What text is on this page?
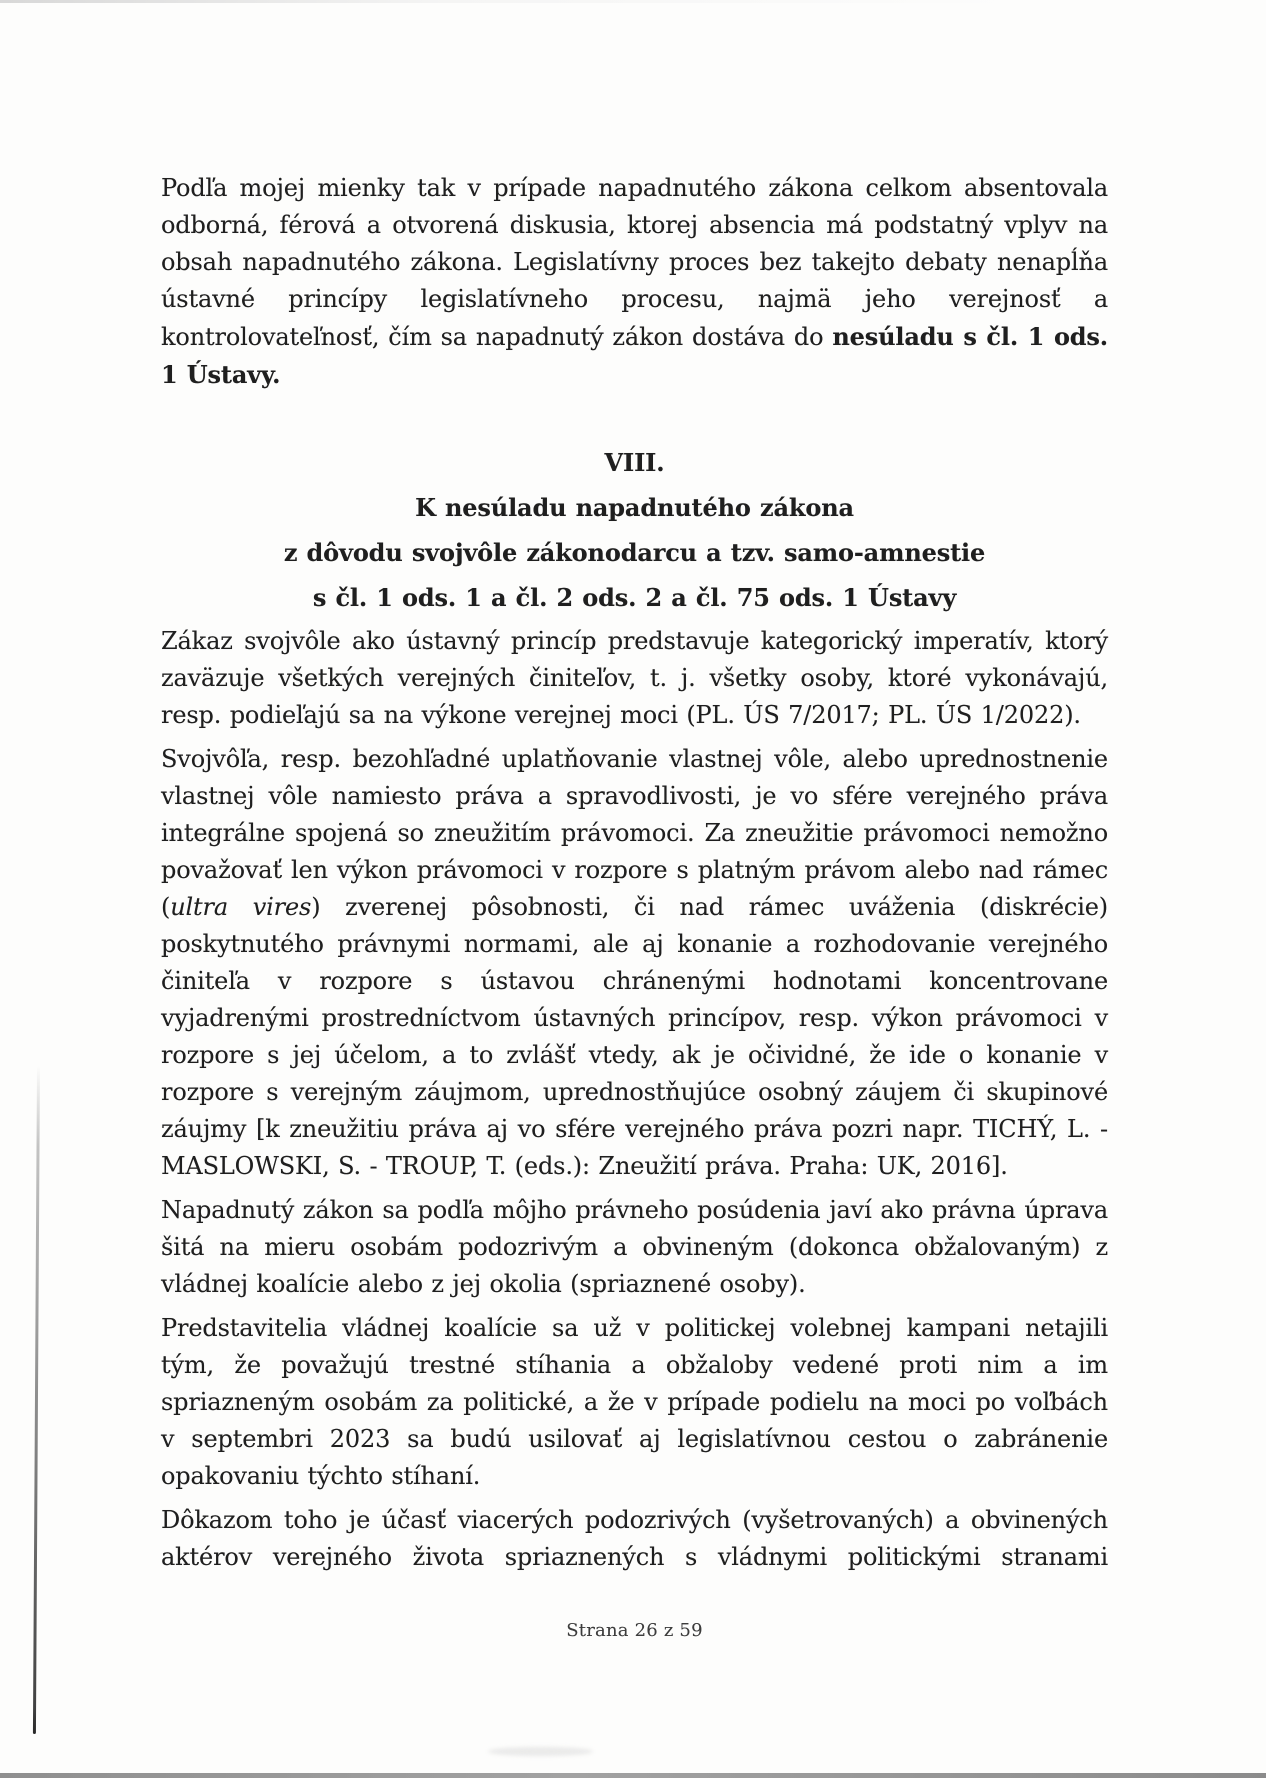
Podľa mojej mienky tak v prípade napadnutého zákona celkom absentovala odborná, férová a otvorená diskusia, ktorej absencia má podstatný vplyv na obsah napadnutého zákona. Legislatívny proces bez takejto debaty nenapĺňa ústavné princípy legislatívneho procesu, najmä jeho verejnosť a kontrolovateľnosť, čím sa napadnutý zákon dostáva do nesúladu s čl. 1 ods. 1 Ústavy.

VIII.
K nesúladu napadnutého zákona
z dôvodu svojvôle zákonodarcu a tzv. samo-amnestie
s čl. 1 ods. 1 a čl. 2 ods. 2 a čl. 75 ods. 1 Ústavy

Zákaz svojvôle ako ústavný princíp predstavuje kategorický imperatív, ktorý zaväzuje všetkých verejných činiteľov, t. j. všetky osoby, ktoré vykonávajú, resp. podieľajú sa na výkone verejnej moci (PL. ÚS 7/2017; PL. ÚS 1/2022).

Svojvôľa, resp. bezohľadné uplatňovanie vlastnej vôle, alebo uprednostnenie vlastnej vôle namiesto práva a spravodlivosti, je vo sfére verejného práva integrálne spojená so zneužitím právomoci. Za zneužitie právomoci nemožno považovať len výkon právomoci v rozpore s platným právom alebo nad rámec (ultra vires) zverenej pôsobnosti, či nad rámec uváženia (diskrécie) poskytnutého právnymi normami, ale aj konanie a rozhodovanie verejného činiteľa v rozpore s ústavou chránenými hodnotami koncentrovane vyjadrenými prostredníctvom ústavných princípov, resp. výkon právomoci v rozpore s jej účelom, a to zvlášť vtedy, ak je očividné, že ide o konanie v rozpore s verejným záujmom, uprednostňujúce osobný záujem či skupinové záujmy [k zneužitiu práva aj vo sfére verejného práva pozri napr. TICHÝ, L. - MASLOWSKI, S. - TROUP, T. (eds.): Zneužití práva. Praha: UK, 2016].

Napadnutý zákon sa podľa môjho právneho posúdenia javí ako právna úprava šitá na mieru osobám podozrivým a obvineným (dokonca obžalovaným) z vládnej koalície alebo z jej okolia (spriaznené osoby).

Predstavitelia vládnej koalície sa už v politickej volebnej kampani netajili tým, že považujú trestné stíhania a obžaloby vedené proti nim a im spriazneným osobám za politické, a že v prípade podielu na moci po voľbách v septembri 2023 sa budú usilovať aj legislatívnou cestou o zabránenie opakovaniu týchto stíhaní.

Dôkazom toho je účasť viacerých podozrivých (vyšetrovaných) a obvinených aktérov verejného života spriaznených s vládnymi politickými stranami

Strana 26 z 59
